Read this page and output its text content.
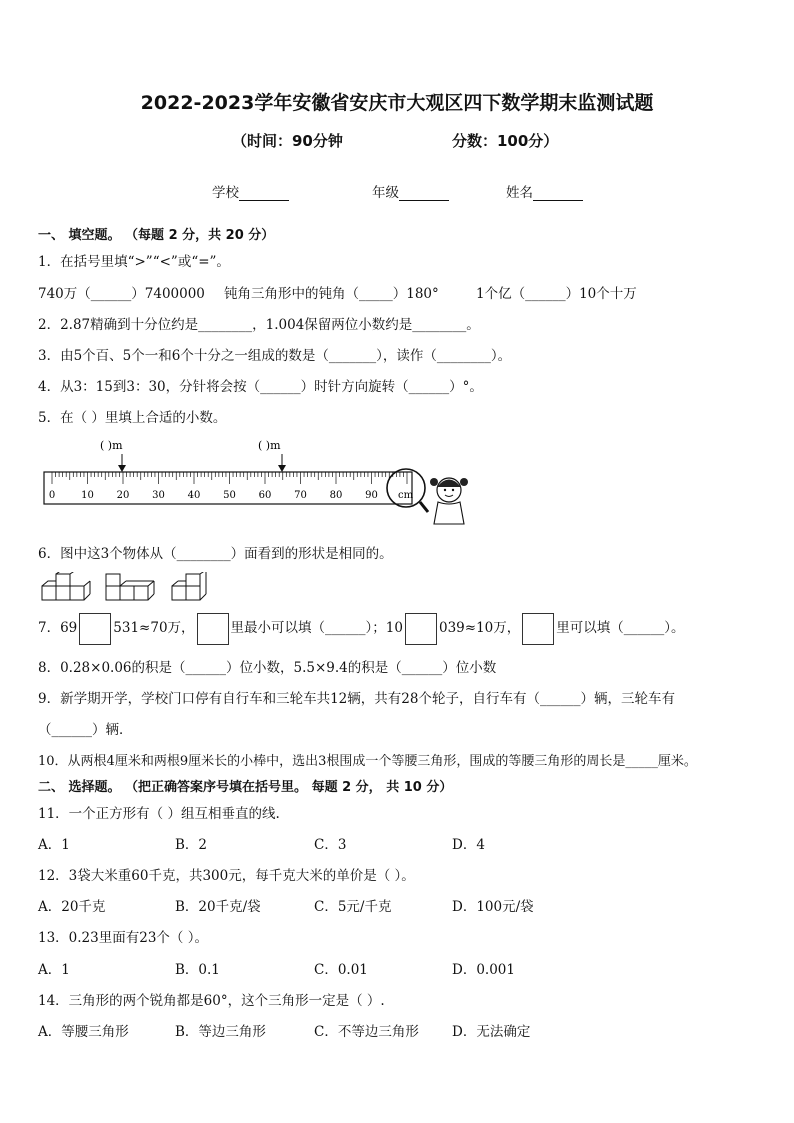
2022-2023学年安徽省安庆市大观区四下数学期末监测试题
（时间：90分钟	分数：100分）
学校	年级	姓名
一、 填空题。 （每题 2 分，共 20 分）
1．在括号里填“>”“<”或“=”。
740万（______）7400000 钝角三角形中的钝角（_____）180°	1个亿（______）10个十万
2．2.87精确到十分位约是________，1.004保留两位小数约是________。
3．由5个百、5个一和6个十分之一组成的数是（_______），读作（________）。
4．从3：15到3：30，分针将会按（______）时针方向旋转（______）°。
5．在（ ）里填上合适的小数。
( )m	( )m
0	10 20 30 40 50 60 70 80 90 cm
6．图中这3个物体从（________）面看到的形状是相同的。
7．69	531≈70万，	里最小可以填（______）；10	039≈10万，	里可以填（______）。
8．0.28×0.06的积是（______）位小数，5.5×9.4的积是（______）位小数
9．新学期开学，学校门口停有自行车和三轮车共12辆，共有28个轮子，自行车有（______）辆，三轮车有
（______）辆．
10．从两根4厘米和两根9厘米长的小棒中，选出3根围成一个等腰三角形，围成的等腰三角形的周长是_____厘米。
二、 选择题。 （把正确答案序号填在括号里。 每题 2 分， 共 10 分）
11．一个正方形有（ ）组互相垂直的线.
A．1	B．2	C．3	D．4
12．3袋大米重60千克，共300元，每千克大米的单价是（ ）。
A．20千克	B．20千克/袋	C．5元/千克	D．100元/袋
13．0.23里面有23个（ ）。
A．1	B．0.1	C．0.01	D．0.001
14．三角形的两个锐角都是60°，这个三角形一定是（ ）.
A．等腰三角形	B．等边三角形	C．不等边三角形 D．无法确定
